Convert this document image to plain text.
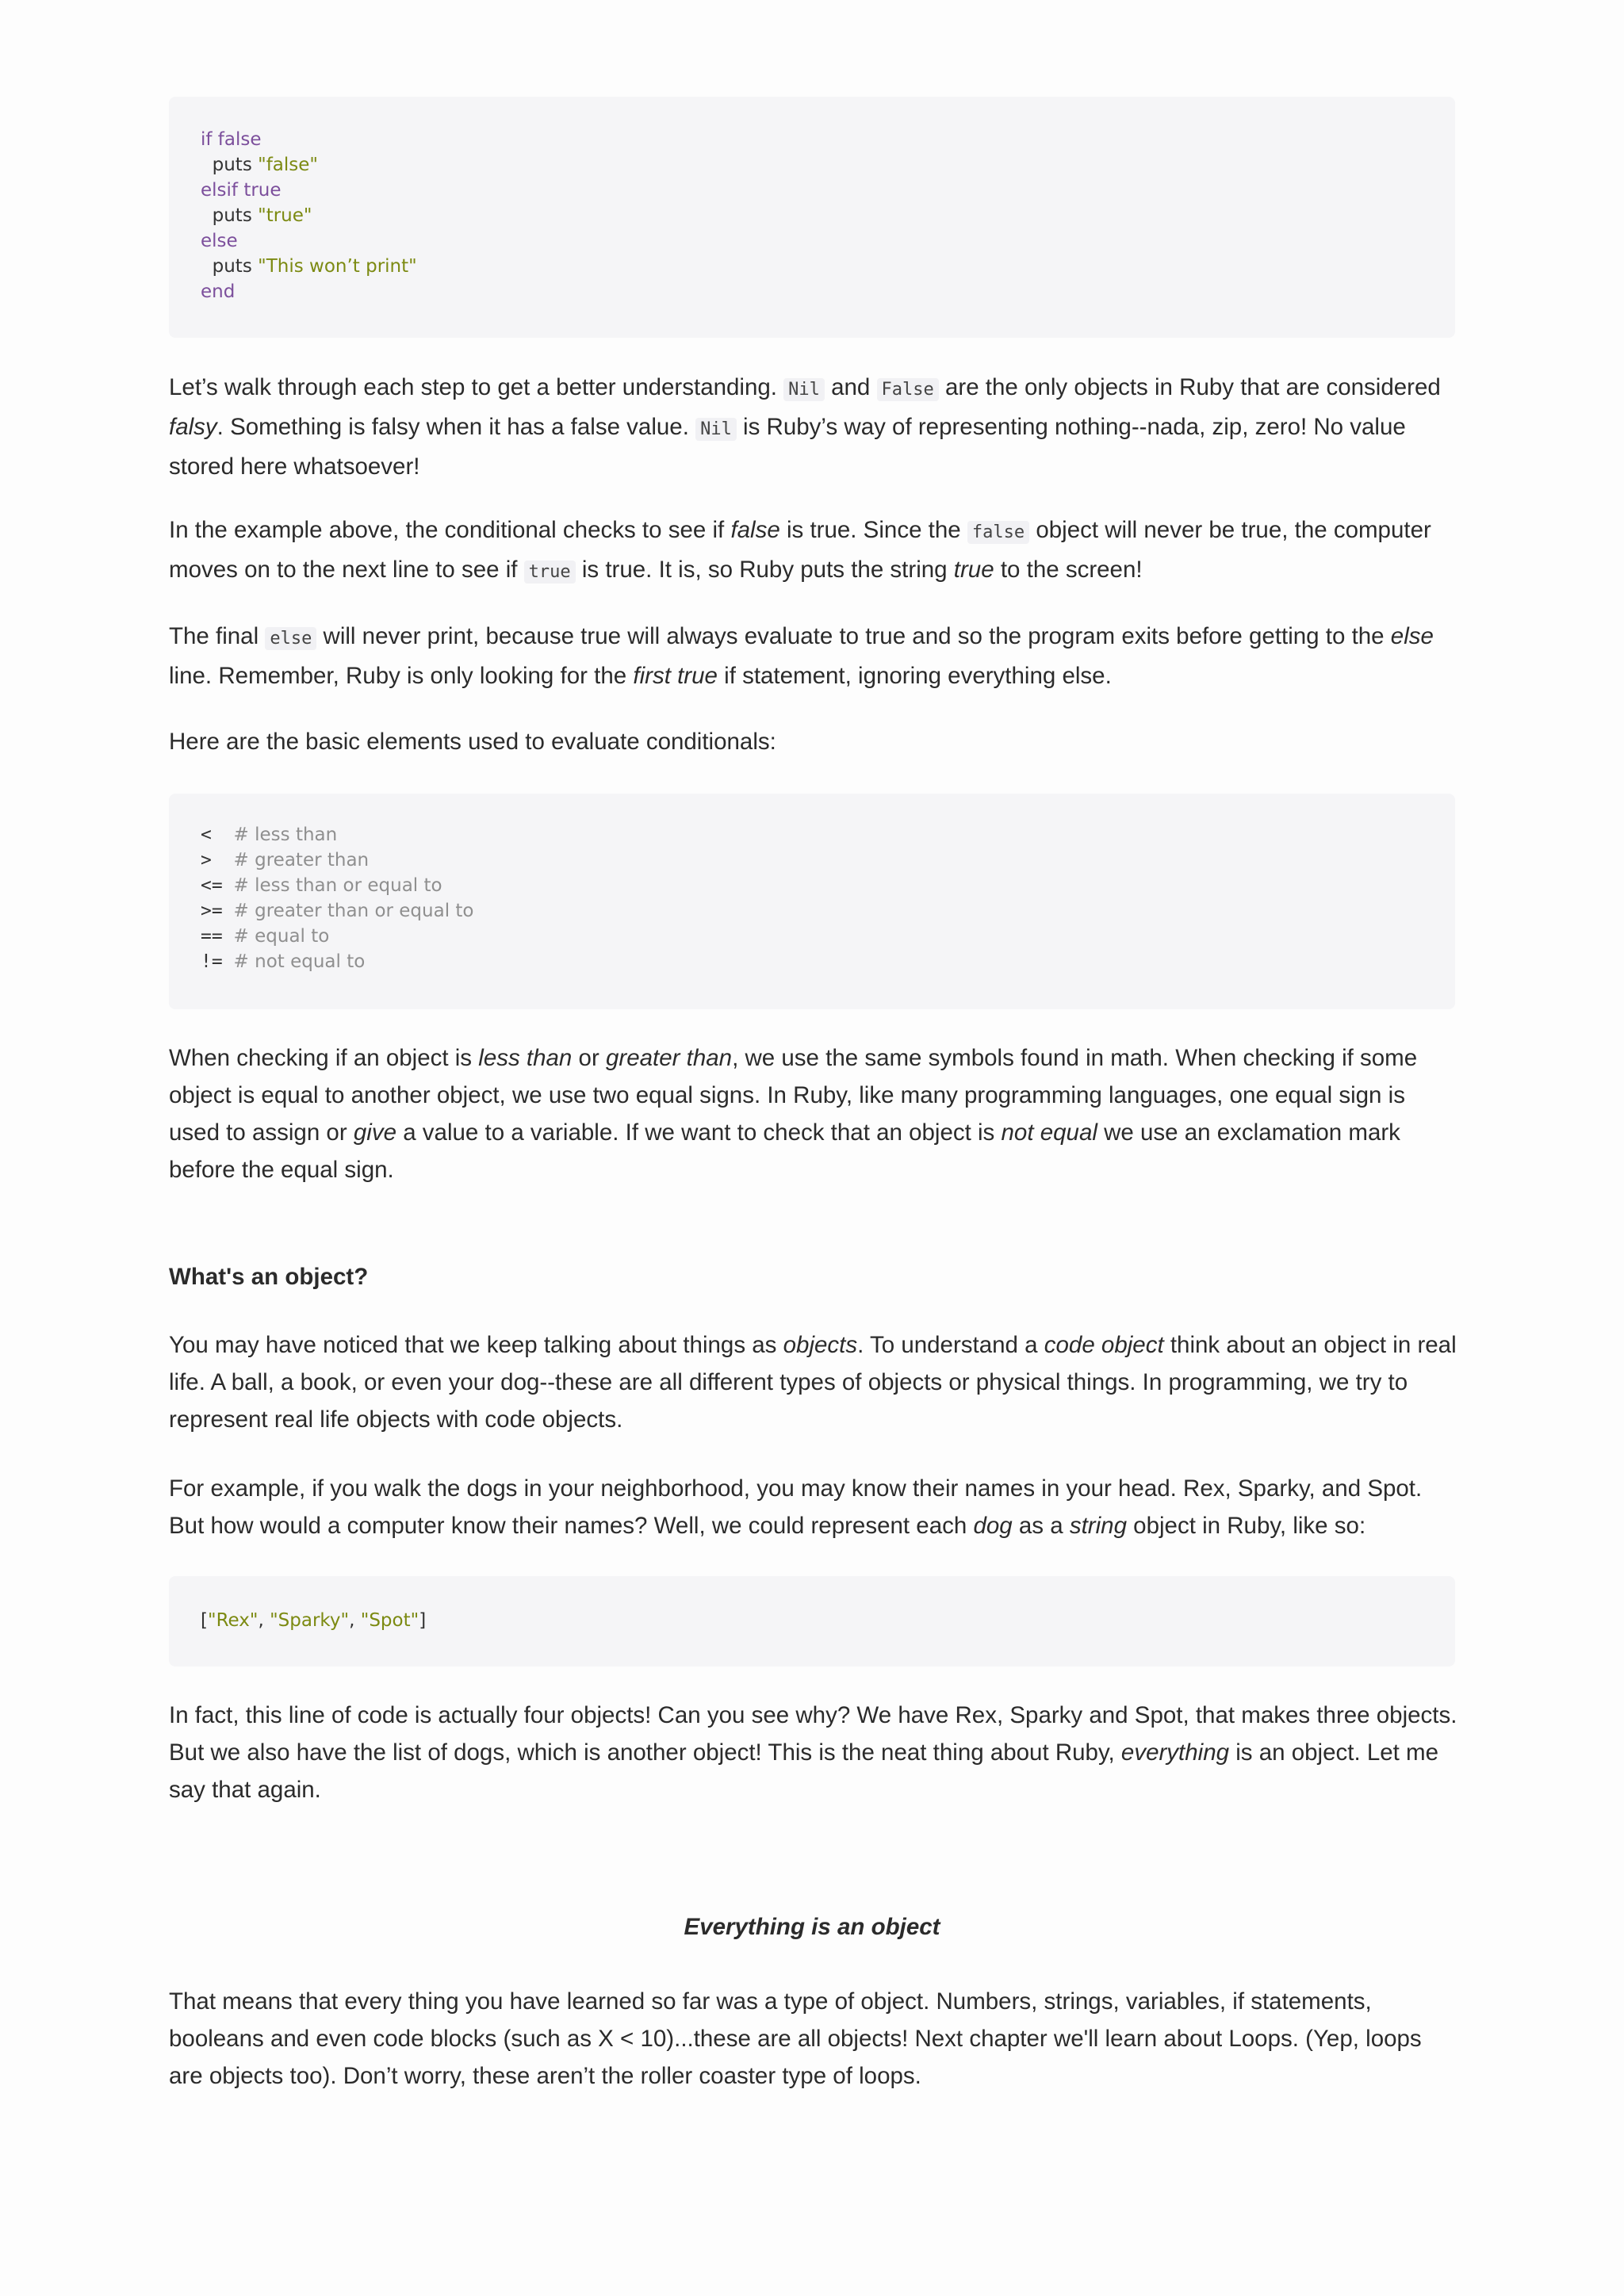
if false
puts "false"
elsif true
puts "true"
else
puts "This won’t print"
end

Let’s walk through each step to get a better understanding. Nil and False are the only objects in Ruby that are considered falsy. Something is falsy when it has a false value. Nil is Ruby’s way of representing nothing--nada, zip, zero! No value stored here whatsoever!

In the example above, the conditional checks to see if false is true. Since the false object will never be true, the computer moves on to the next line to see if true is true. It is, so Ruby puts the string true to the screen!

The final else will never print, because true will always evaluate to true and so the program exits before getting to the else line. Remember, Ruby is only looking for the first true if statement, ignoring everything else.

Here are the basic elements used to evaluate conditionals:

<  # less than
>  # greater than
<= # less than or equal to
>= # greater than or equal to
== # equal to
!= # not equal to

When checking if an object is less than or greater than, we use the same symbols found in math. When checking if some object is equal to another object, we use two equal signs. In Ruby, like many programming languages, one equal sign is used to assign or give a value to a variable. If we want to check that an object is not equal we use an exclamation mark before the equal sign.

What's an object?

You may have noticed that we keep talking about things as objects. To understand a code object think about an object in real life. A ball, a book, or even your dog--these are all different types of objects or physical things. In programming, we try to represent real life objects with code objects.

For example, if you walk the dogs in your neighborhood, you may know their names in your head. Rex, Sparky, and Spot. But how would a computer know their names? Well, we could represent each dog as a string object in Ruby, like so:

["Rex", "Sparky", "Spot"]

In fact, this line of code is actually four objects! Can you see why? We have Rex, Sparky and Spot, that makes three objects. But we also have the list of dogs, which is another object! This is the neat thing about Ruby, everything is an object. Let me say that again.

Everything is an object

That means that every thing you have learned so far was a type of object. Numbers, strings, variables, if statements, booleans and even code blocks (such as X < 10)...these are all objects! Next chapter we'll learn about Loops. (Yep, loops are objects too). Don’t worry, these aren’t the roller coaster type of loops.
